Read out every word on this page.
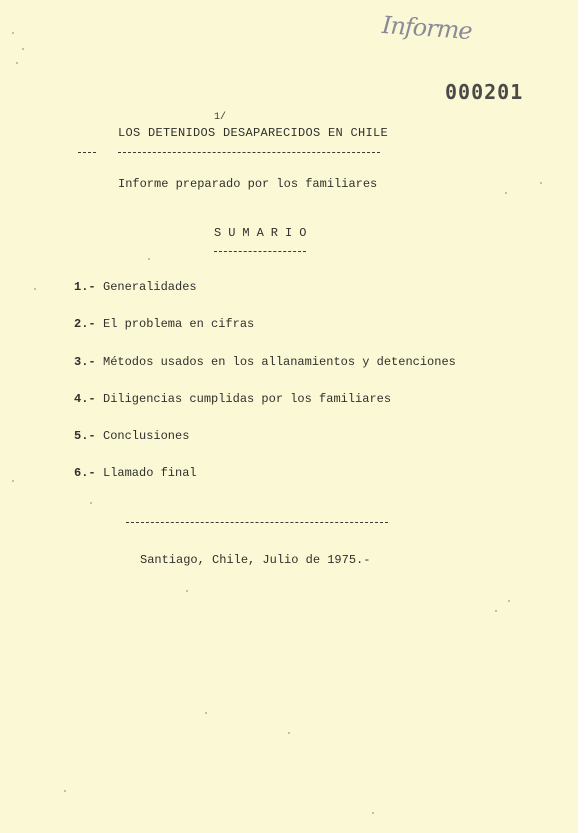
Informe
000201
1/
LOS DETENIDOS DESAPARECIDOS EN CHILE
Informe preparado por los familiares
SUMARIO
1.- Generalidades
2.- El problema en cifras
3.- Métodos usados en los allanamientos y detenciones
4.- Diligencias cumplidas por los familiares
5.- Conclusiones
6.- Llamado final
Santiago, Chile, Julio de 1975.-
